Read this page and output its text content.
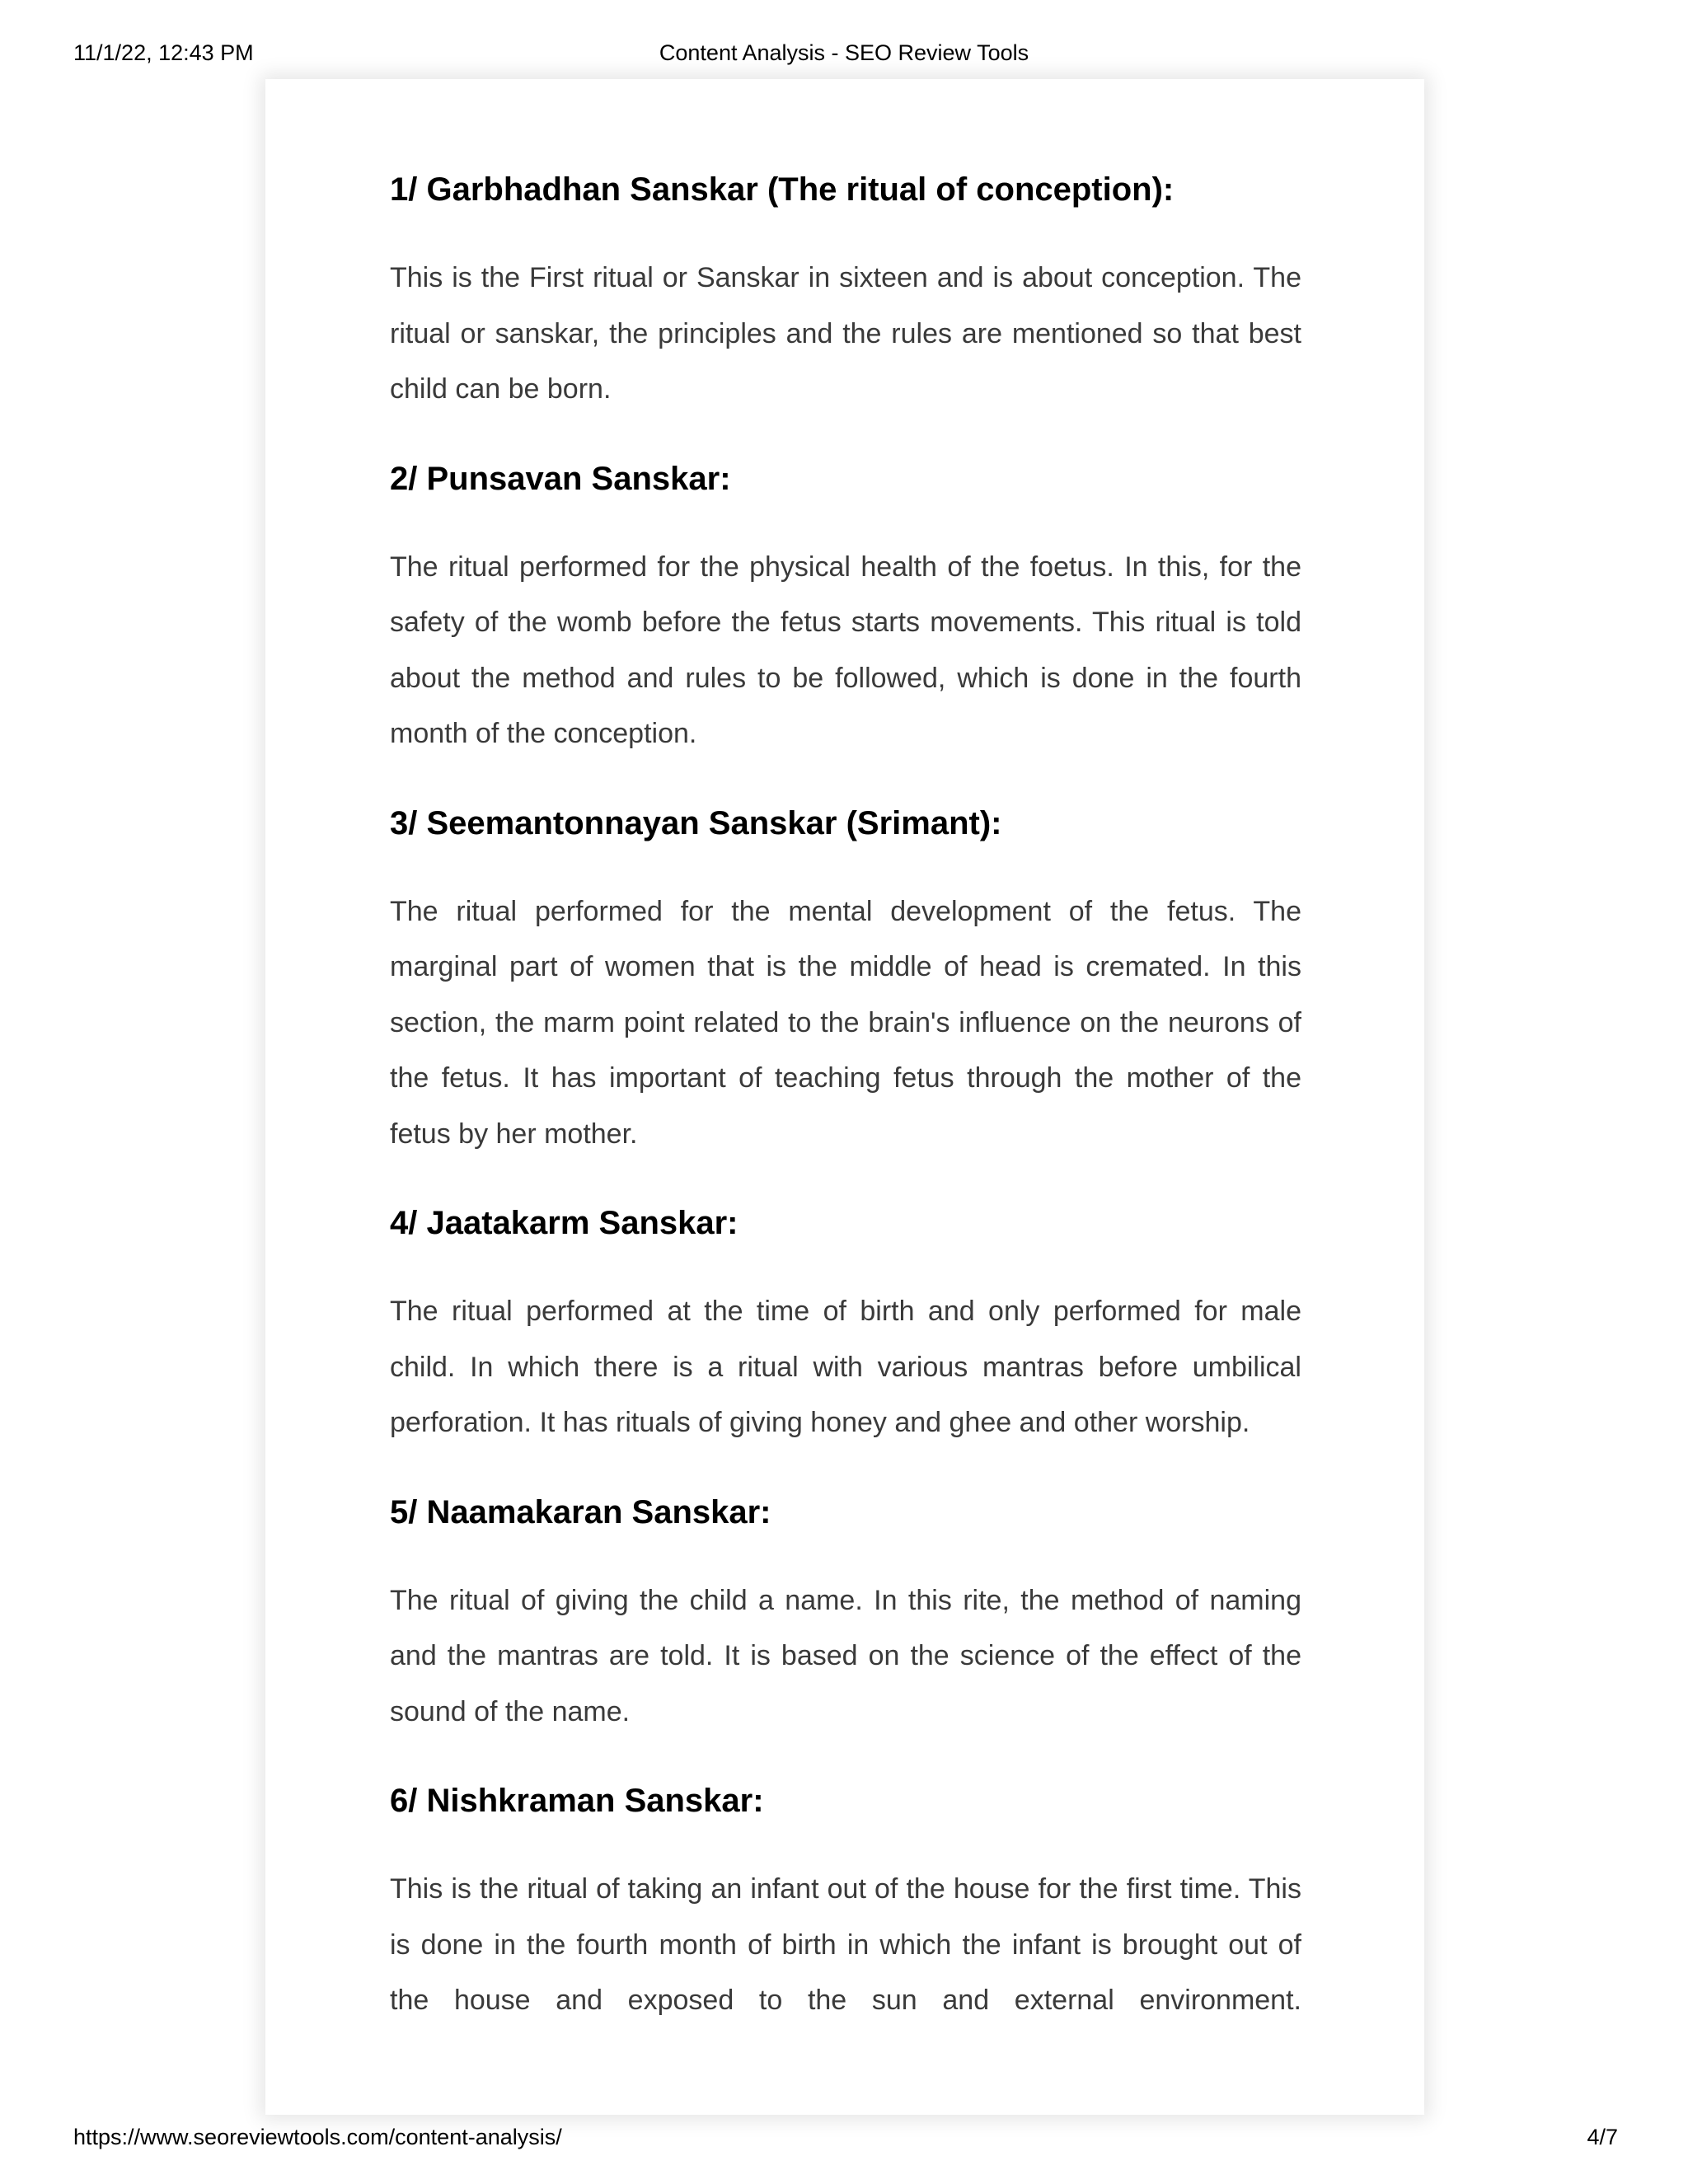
11/1/22, 12:43 PM	Content Analysis - SEO Review Tools
1/ Garbhadhan Sanskar (The ritual of conception):

This is the First ritual or Sanskar in sixteen and is about conception. The ritual or sanskar, the principles and the rules are mentioned so that best child can be born.

2/ Punsavan Sanskar:

The ritual performed for the physical health of the foetus. In this, for the safety of the womb before the fetus starts movements. This ritual is told about the method and rules to be followed, which is done in the fourth month of the conception.

3/ Seemantonnayan Sanskar (Srimant):

The ritual performed for the mental development of the fetus. The marginal part of women that is the middle of head is cremated. In this section, the marm point related to the brain's influence on the neurons of the fetus. It has important of teaching fetus through the mother of the fetus by her mother.

4/ Jaatakarm Sanskar:

The ritual performed at the time of birth and only performed for male child. In which there is a ritual with various mantras before umbilical perforation. It has rituals of giving honey and ghee and other worship.

5/ Naamakaran Sanskar:

The ritual of giving the child a name. In this rite, the method of naming and the mantras are told. It is based on the science of the effect of the sound of the name.

6/ Nishkraman Sanskar:

This is the ritual of taking an infant out of the house for the first time. This is done in the fourth month of birth in which the infant is brought out of the house and exposed to the sun and external environment.

https://www.seoreviewtools.com/content-analysis/	4/7
